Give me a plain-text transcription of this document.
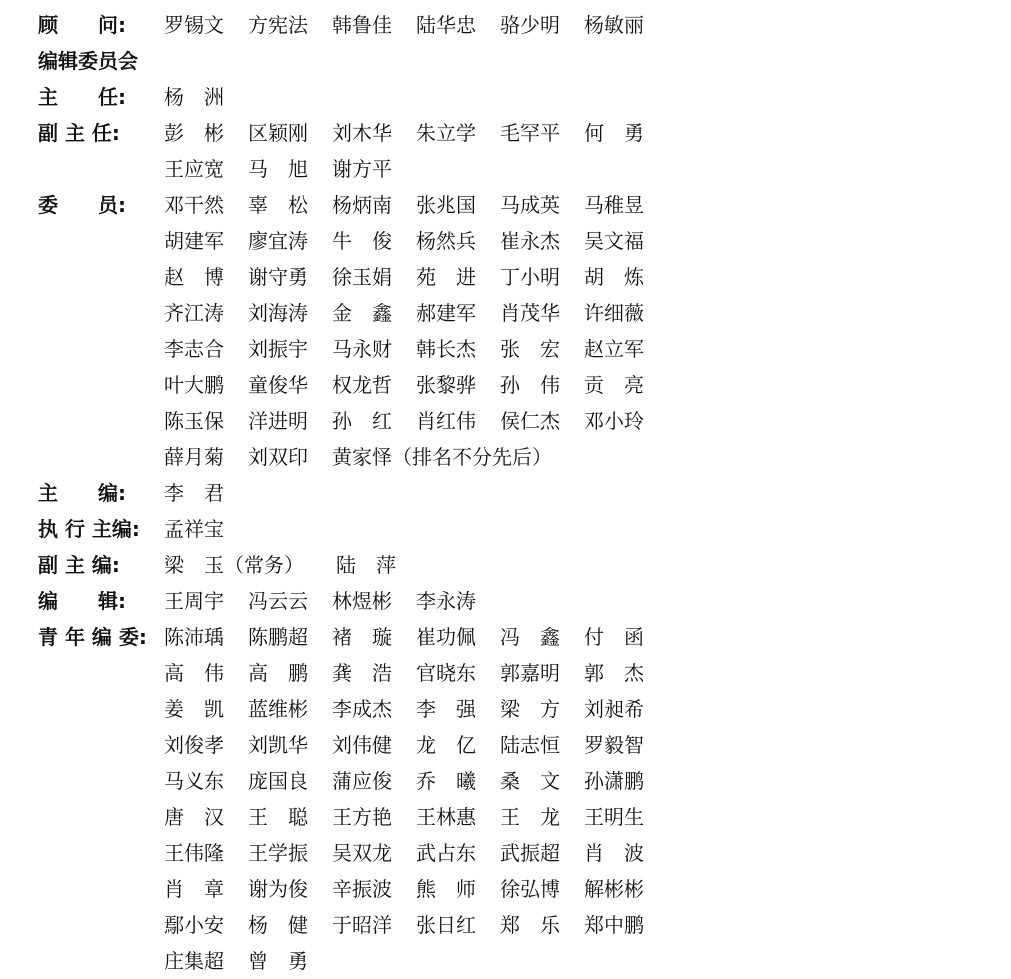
顾　　问:	罗锡文	方宪法	韩鲁佳	陆华忠	骆少明	杨敏丽
编辑委员会
主　　任:	杨　洲
副 主 任:	彭　彬	区颖刚	刘木华	朱立学	毛罕平	何　勇
王应宽	马　旭	谢方平
委　　员:	邓干然	辜　松	杨炳南	张兆国	马成英	马稚昱
胡建军	廖宜涛	牛　俊	杨然兵	崔永杰	吴文福
赵　博	谢守勇	徐玉娟	苑　进	丁小明	胡　炼
齐江涛	刘海涛	金　鑫	郝建军	肖茂华	许细薇
李志合	刘振宇	马永财	韩长杰	张　宏	赵立军
叶大鹏	童俊华	权龙哲	张黎骅	孙　伟	贡　亮
陈玉保	洋进明	孙　红	肖红伟	侯仁杰	邓小玲
薛月菊	刘双印	黄家怿（排名不分先后）
主　　编:	李　君
执 行 主编:	孟祥宝
副 主 编:	梁　玉（常务） 陆　萍
编　　辑:	王周宇	冯云云	林煜彬	李永涛
青 年 编 委: 陈沛瑀	陈鹏超	褚　璇	崔功佩	冯　鑫	付　函
高　伟	高　鹏	龚　浩	官晓东	郭嘉明	郭　杰
姜　凯	蓝维彬	李成杰	李　强	梁　方	刘昶希
刘俊孝	刘凯华	刘伟健	龙　亿	陆志恒	罗毅智
马义东	庞国良	蒲应俊	乔　曦	桑　文	孙潇鹏
唐　汉	王　聪	王方艳	王林惠	王　龙	王明生
王伟隆	王学振	吴双龙	武占东	武振超	肖　波
肖　章	谢为俊	辛振波	熊　师	徐弘博	解彬彬
鄢小安	杨　健	于昭洋	张日红	郑　乐	郑中鹏
庄集超	曾　勇
